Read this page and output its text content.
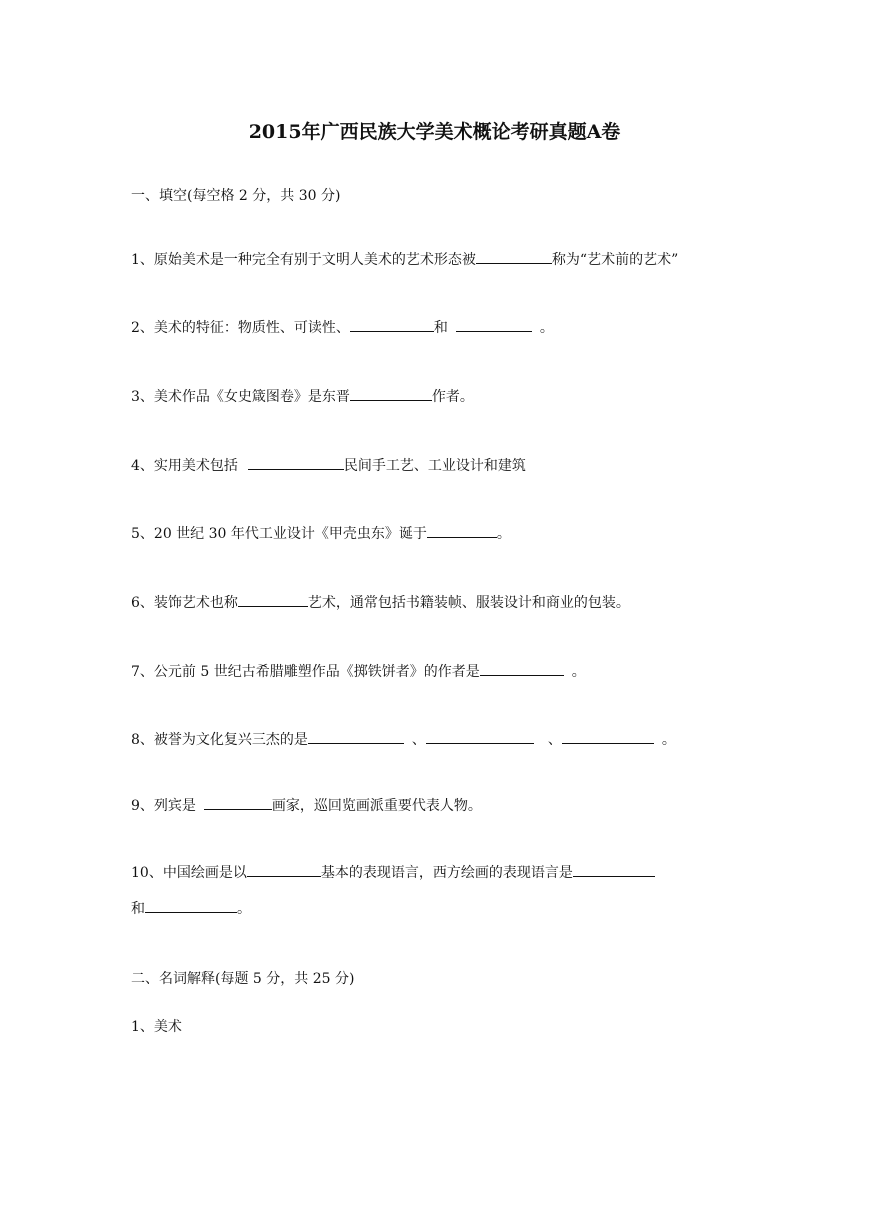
2015年广西民族大学美术概论考研真题A卷
一、填空(每空格 2 分，共 30 分)
1、原始美术是一种完全有别于文明人美术的艺术形态被	称为“艺术前的艺术”
2、美术的特征：物质性、可读性、	和	。
3、美术作品《女史箴图卷》是东晋	作者。
4、实用美术包括	民间手工艺、工业设计和建筑
5、20 世纪 30 年代工业设计《甲壳虫东》诞于	。
6、装饰艺术也称	艺术，通常包括书籍装帧、服装设计和商业的包装。
7、公元前 5 世纪古希腊雕塑作品《掷铁饼者》的作者是	。
8、被誉为文化复兴三杰的是	、	、	。
9、列宾是	画家，巡回览画派重要代表人物。
10、中国绘画是以	基本的表现语言，西方绘画的表现语言是
和	。
二、名词解释(每题 5 分，共 25 分)
1、美术
